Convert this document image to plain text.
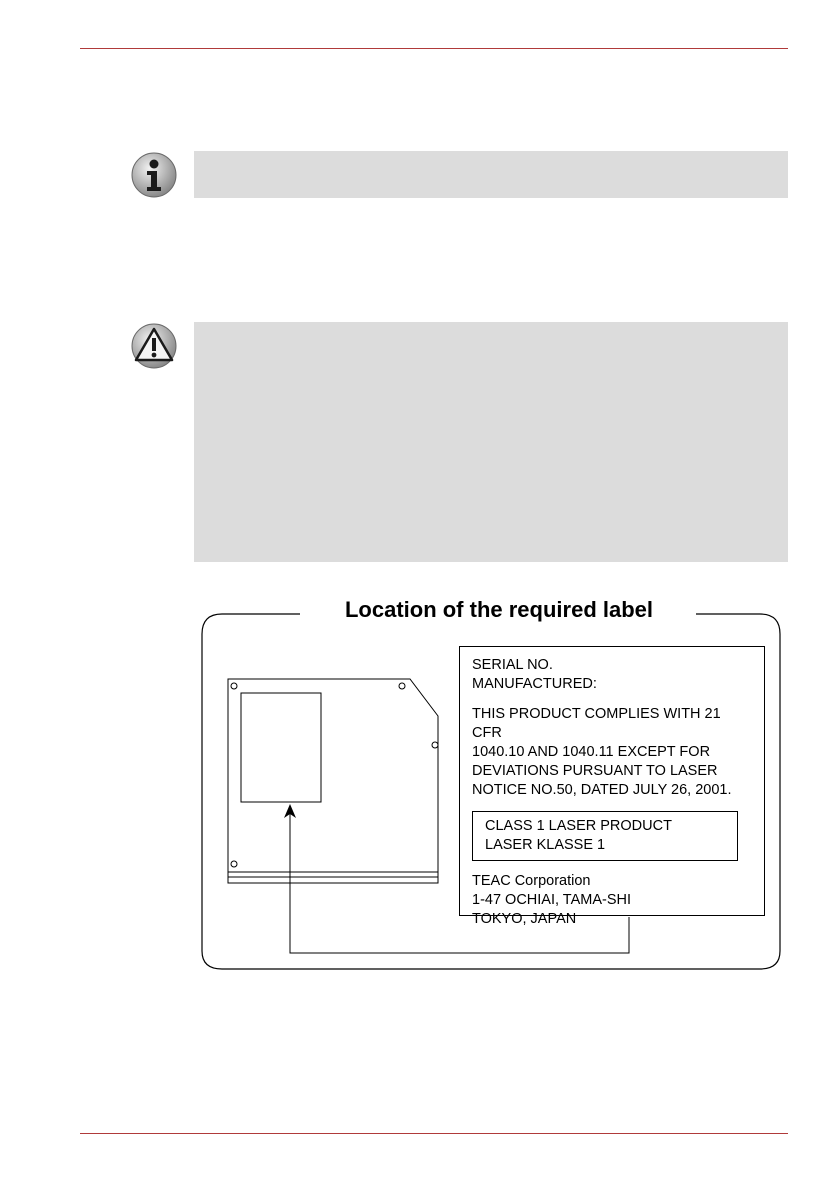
Location of the required label

SERIAL NO.

MANUFACTURED:

THIS PRODUCT COMPLIES WITH 21 CFR

1040.10 AND 1040.11 EXCEPT FOR

DEVIATIONS PURSUANT TO LASER

NOTICE NO.50, DATED JULY 26, 2001.

CLASS 1 LASER PRODUCT

LASER KLASSE 1

TEAC Corporation

1-47 OCHIAI, TAMA-SHI

TOKYO, JAPAN
